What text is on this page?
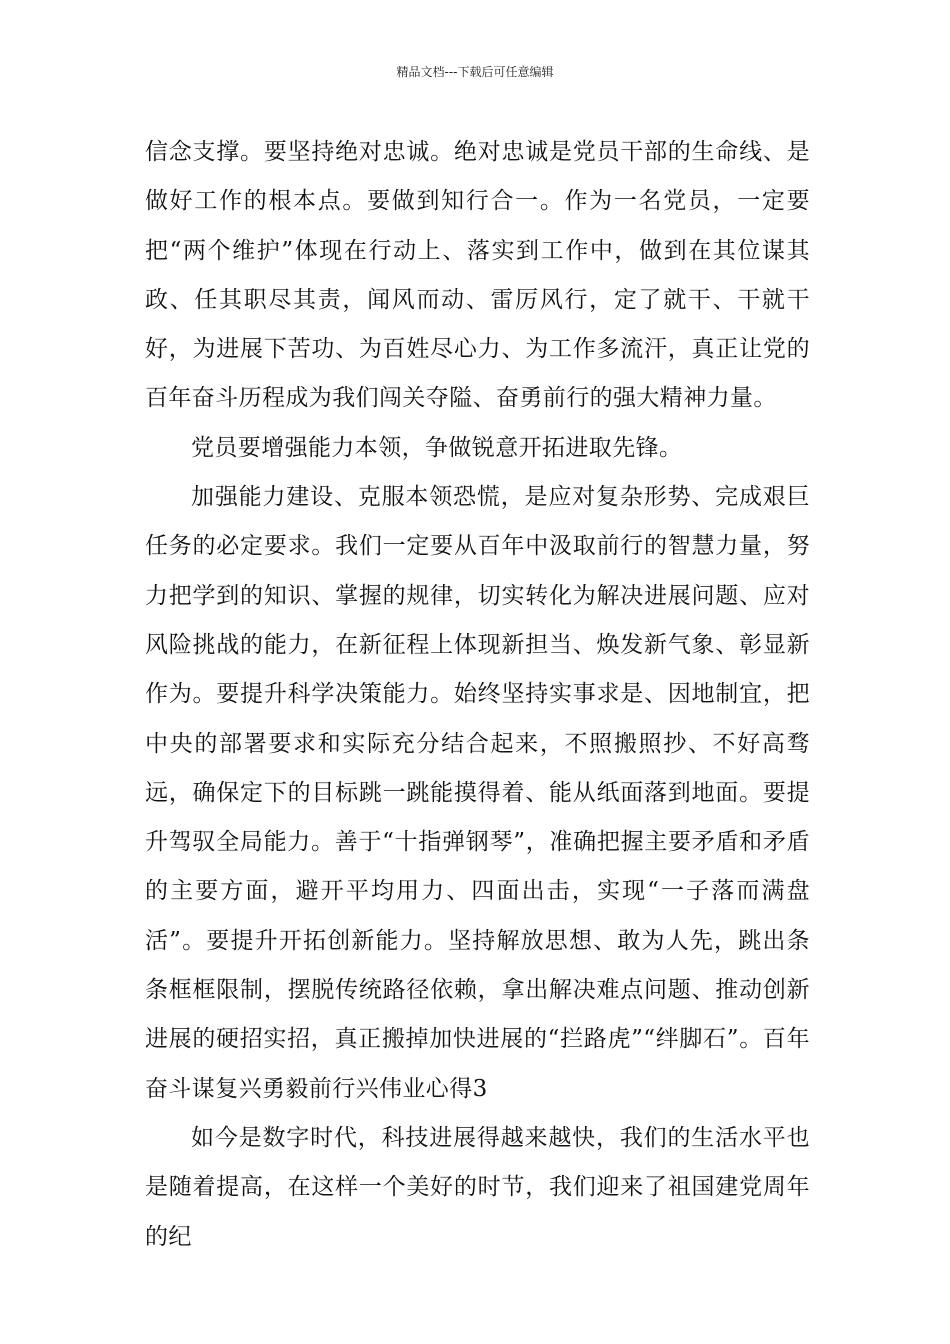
精品文档---下载后可任意编辑

信念支撑。要坚持绝对忠诚。绝对忠诚是党员干部的生命线、是做好工作的根本点。要做到知行合一。作为一名党员，一定要把“两个维护”体现在行动上、落实到工作中，做到在其位谋其政、任其职尽其责，闻风而动、雷厉风行，定了就干、干就干好，为进展下苦功、为百姓尽心力、为工作多流汗，真正让党的百年奋斗历程成为我们闯关夺隘、奋勇前行的强大精神力量。

党员要增强能力本领，争做锐意开拓进取先锋。

加强能力建设、克服本领恐慌，是应对复杂形势、完成艰巨任务的必定要求。我们一定要从百年中汲取前行的智慧力量，努力把学到的知识、掌握的规律，切实转化为解决进展问题、应对风险挑战的能力，在新征程上体现新担当、焕发新气象、彰显新作为。要提升科学决策能力。始终坚持实事求是、因地制宜，把中央的部署要求和实际充分结合起来，不照搬照抄、不好高骛远，确保定下的目标跳一跳能摸得着、能从纸面落到地面。要提升驾驭全局能力。善于“十指弹钢琴”，准确把握主要矛盾和矛盾的主要方面，避开平均用力、四面出击，实现“一子落而满盘活”。要提升开拓创新能力。坚持解放思想、敢为人先，跳出条条框框限制，摆脱传统路径依赖，拿出解决难点问题、推动创新进展的硬招实招，真正搬掉加快进展的“拦路虎”“绊脚石”。百年奋斗谋复兴勇毅前行兴伟业心得3

如今是数字时代，科技进展得越来越快，我们的生活水平也是随着提高，在这样一个美好的时节，我们迎来了祖国建党周年的纪
